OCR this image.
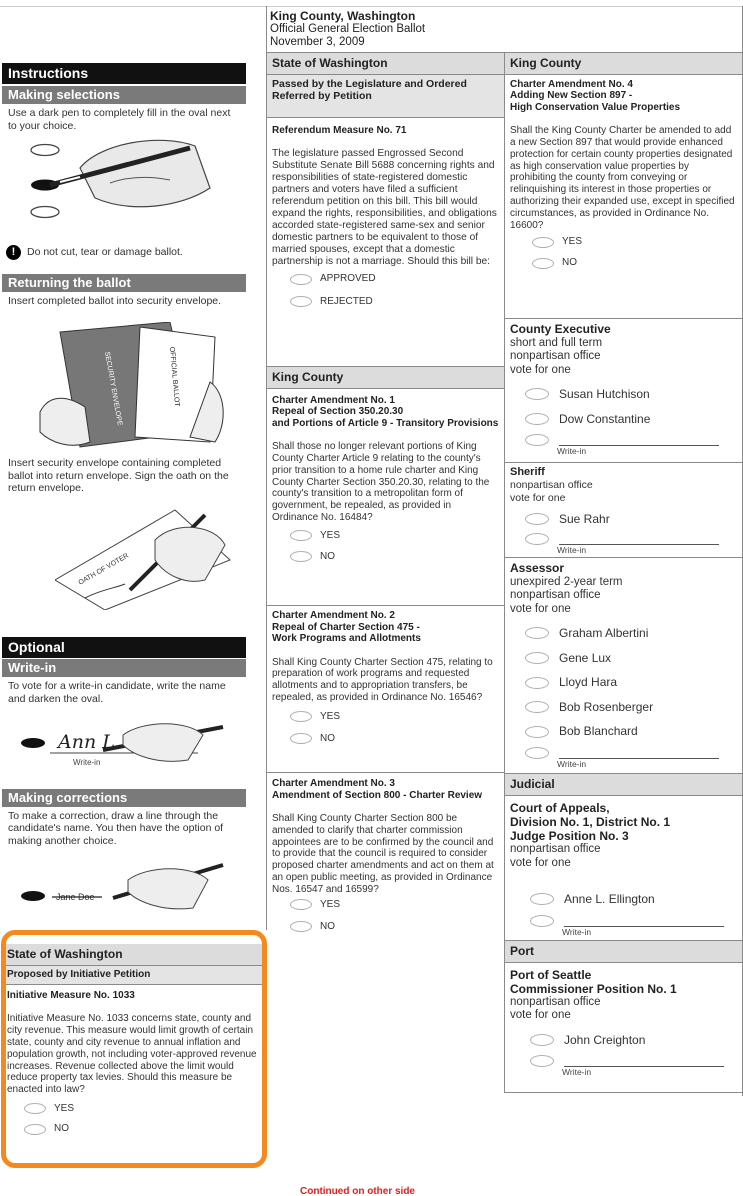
King County, Washington
Official General Election Ballot
November 3, 2009
Instructions
Making selections
Use a dark pen to completely fill in the oval next to your choice.
!	Do not cut, tear or damage ballot.
Returning the ballot
Insert completed ballot into security envelope.
SECURITY ENVELOPE	OFFICIAL BALLOT
Insert security envelope containing completed ballot into return envelope. Sign the oath on the return envelope.
OATH OF VOTER
Optional
Write-in
To vote for a write-in candidate, write the name and darken the oval.
Ann L
Write-in
Making corrections
To make a correction, draw a line through the candidate's name. You then have the option of making another choice.
Jane Doe
State of Washington
Proposed by Initiative Petition
Initiative Measure No. 1033
Initiative Measure No. 1033 concerns state, county and city revenue. This measure would limit growth of certain state, county and city revenue to annual inflation and population growth, not including voter-approved revenue increases. Revenue collected above the limit would reduce property tax levies. Should this measure be enacted into law?
YES
NO
State of Washington
Passed by the Legislature and Ordered Referred by Petition
Referendum Measure No. 71
The legislature passed Engrossed Second Substitute Senate Bill 5688 concerning rights and responsibilities of state-registered domestic partners and voters have filed a sufficient referendum petition on this bill. This bill would expand the rights, responsibilities, and obligations accorded state-registered same-sex and senior domestic partners to be equivalent to those of married spouses, except that a domestic partnership is not a marriage. Should this bill be:
APPROVED
REJECTED
King County
Charter Amendment No. 1
Repeal of Section 350.20.30
and Portions of Article 9 - Transitory Provisions
Shall those no longer relevant portions of King County Charter Article 9 relating to the county's prior transition to a home rule charter and King County Charter Section 350.20.30, relating to the county's transition to a metropolitan form of government, be repealed, as provided in Ordinance No. 16484?
YES
NO
Charter Amendment No. 2
Repeal of Charter Section 475 -
Work Programs and Allotments
Shall King County Charter Section 475, relating to preparation of work programs and requested allotments and to appropriation transfers, be repealed, as provided in Ordinance No. 16546?
YES
NO
Charter Amendment No. 3
Amendment of Section 800 - Charter Review
Shall King County Charter Section 800 be amended to clarify that charter commission appointees are to be confirmed by the council and to provide that the council is required to consider proposed charter amendments and act on them at an open public meeting, as provided in Ordinance Nos. 16547 and 16599?
YES
NO
King County
Charter Amendment No. 4
Adding New Section 897 -
High Conservation Value Properties
Shall the King County Charter be amended to add a new Section 897 that would provide enhanced protection for certain county properties designated as high conservation value properties by prohibiting the county from conveying or relinquishing its interest in those properties or authorizing their expanded use, except in specified circumstances, as provided in Ordinance No. 16600?
YES
NO
County Executive
short and full term
nonpartisan office
vote for one
Susan Hutchison
Dow Constantine
Write-in
Sheriff
nonpartisan office
vote for one
Sue Rahr
Write-in
Assessor
unexpired 2-year term
nonpartisan office
vote for one
Graham Albertini
Gene Lux
Lloyd Hara
Bob Rosenberger
Bob Blanchard
Write-in
Judicial
Court of Appeals,
Division No. 1, District No. 1
Judge Position No. 3
nonpartisan office
vote for one
Anne L. Ellington
Write-in
Port
Port of Seattle
Commissioner Position No. 1
nonpartisan office
vote for one
John Creighton
Write-in
Continued on other side
